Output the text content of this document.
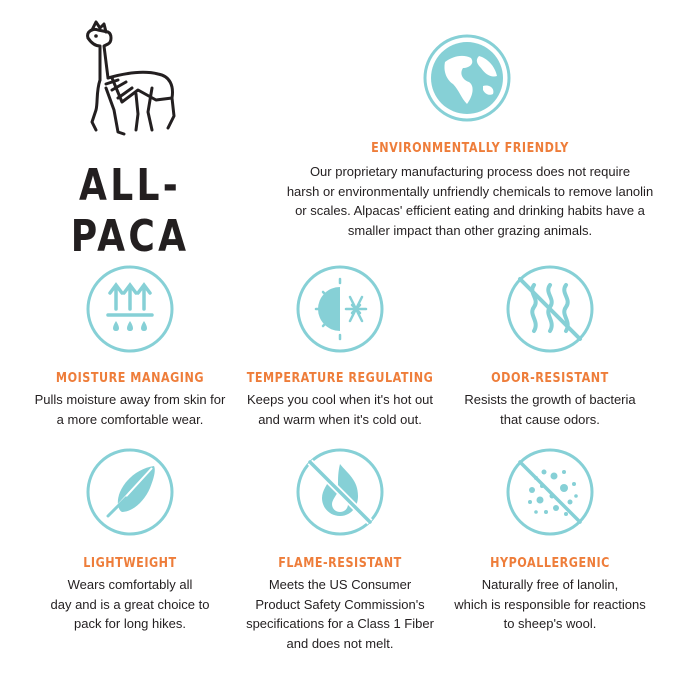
ALL-PACA
ENVIRONMENTALLY FRIENDLY
Our proprietary manufacturing process does not require
harsh or environmentally unfriendly chemicals to remove lanolin
or scales. Alpacas' efficient eating and drinking habits have a
smaller impact than other grazing animals.
MOISTURE MANAGING
Pulls moisture away from skin for
a more comfortable wear.
TEMPERATURE REGULATING
Keeps you cool when it's hot out
and warm when it's cold out.
ODOR-RESISTANT
Resists the growth of bacteria
that cause odors.
LIGHTWEIGHT
Wears comfortably all
day and is a great choice to
pack for long hikes.
FLAME-RESISTANT
Meets the US Consumer
Product Safety Commission's
specifications for a Class 1 Fiber
and does not melt.
HYPOALLERGENIC
Naturally free of lanolin,
which is responsible for reactions
to sheep's wool.
